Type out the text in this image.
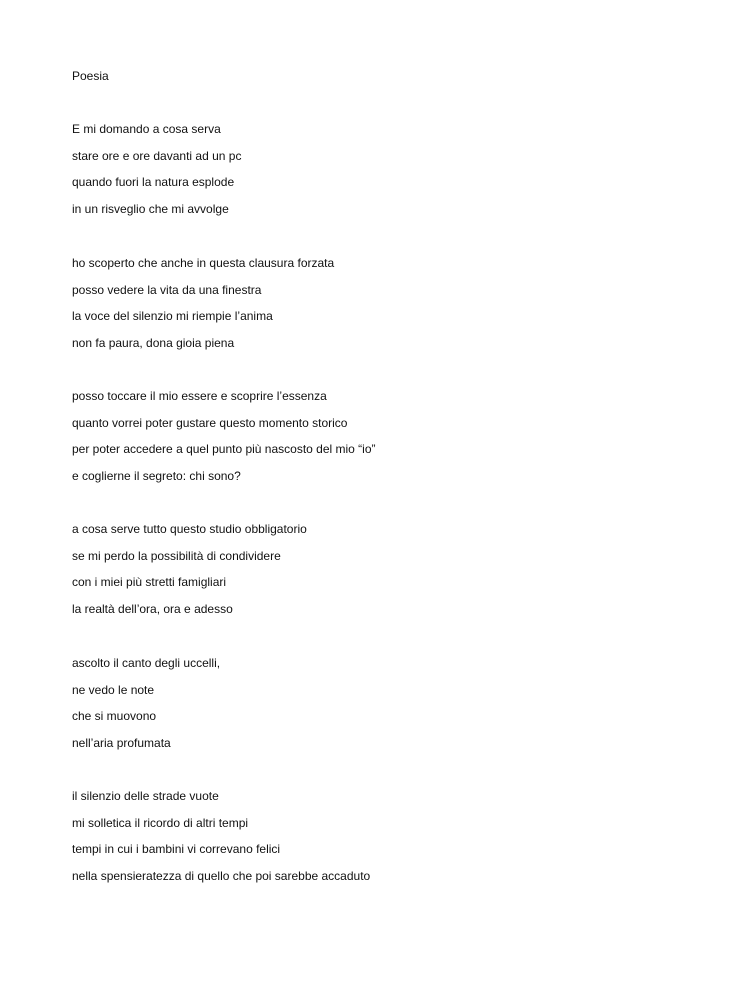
Poesia
E mi domando a cosa serva
stare ore e ore davanti ad un pc
quando fuori la natura esplode
in un risveglio che mi avvolge
ho scoperto che anche in questa clausura forzata
posso vedere la vita da una finestra
la voce del silenzio mi riempie l’anima
non fa paura, dona gioia piena
posso toccare il mio essere e scoprire l’essenza
quanto vorrei poter gustare questo momento storico
per poter accedere a quel punto più nascosto del mio “io”
e coglierne il segreto: chi sono?
a cosa serve tutto questo studio obbligatorio
se mi perdo la possibilità di condividere
con i miei più stretti famigliari
la realtà dell’ora, ora e adesso
ascolto il canto degli uccelli,
ne vedo le note
che si muovono
nell’aria profumata
il silenzio delle strade vuote
mi solletica il ricordo di altri tempi
tempi in cui i bambini vi correvano felici
nella spensieratezza di quello che poi sarebbe accaduto
